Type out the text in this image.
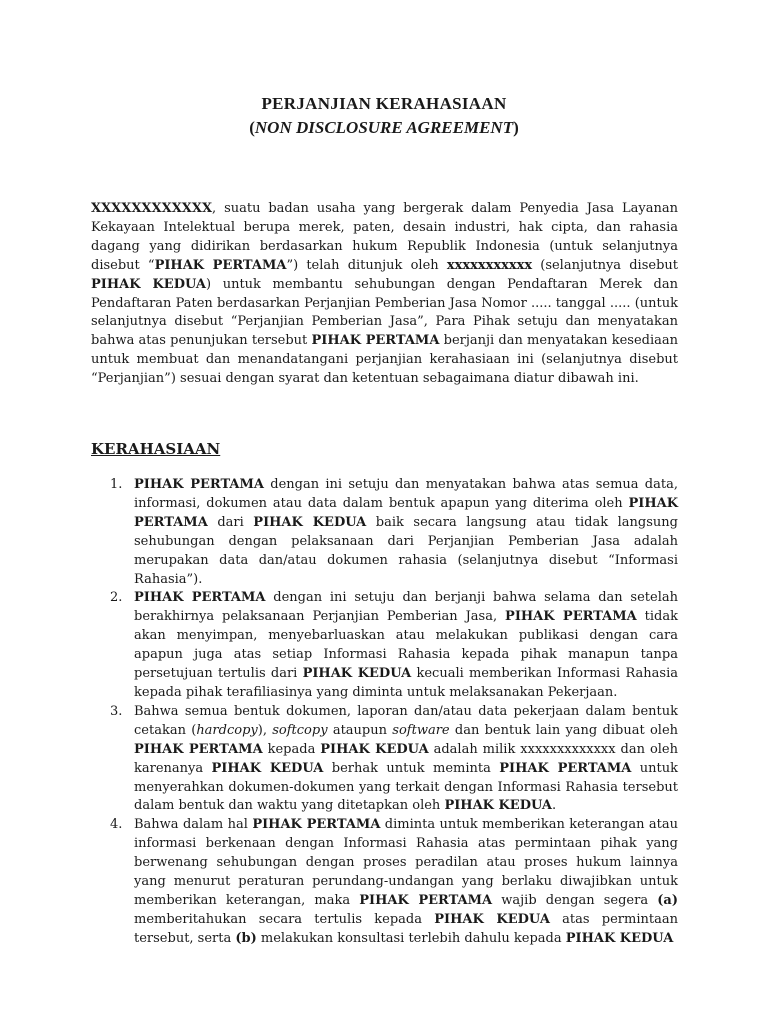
PERJANJIAN KERAHASIAAN

(NON DISCLOSURE AGREEMENT)

XXXXXXXXXXXX, suatu badan usaha yang bergerak dalam Penyedia Jasa Layanan Kekayaan Intelektual berupa merek, paten, desain industri, hak cipta, dan rahasia dagang yang didirikan berdasarkan hukum Republik Indonesia (untuk selanjutnya disebut “PIHAK PERTAMA”) telah ditunjuk oleh xxxxxxxxxxx (selanjutnya disebut PIHAK KEDUA) untuk membantu sehubungan dengan Pendaftaran Merek dan Pendaftaran Paten berdasarkan Perjanjian Pemberian Jasa Nomor ..... tanggal ..... (untuk selanjutnya disebut “Perjanjian Pemberian Jasa”, Para Pihak setuju dan menyatakan bahwa atas penunjukan tersebut PIHAK PERTAMA berjanji dan menyatakan kesediaan untuk membuat dan menandatangani perjanjian kerahasiaan ini (selanjutnya disebut “Perjanjian”) sesuai dengan syarat dan ketentuan sebagaimana diatur dibawah ini.

KERAHASIAAN
1. PIHAK PERTAMA dengan ini setuju dan menyatakan bahwa atas semua data, informasi, dokumen atau data dalam bentuk apapun yang diterima oleh PIHAK PERTAMA dari PIHAK KEDUA baik secara langsung atau tidak langsung sehubungan dengan pelaksanaan dari Perjanjian Pemberian Jasa adalah merupakan data dan/atau dokumen rahasia (selanjutnya disebut “Informasi Rahasia”).
2. PIHAK PERTAMA dengan ini setuju dan berjanji bahwa selama dan setelah berakhirnya pelaksanaan Perjanjian Pemberian Jasa, PIHAK PERTAMA tidak akan menyimpan, menyebarluaskan atau melakukan publikasi dengan cara apapun juga atas setiap Informasi Rahasia kepada pihak manapun tanpa persetujuan tertulis dari PIHAK KEDUA kecuali memberikan Informasi Rahasia kepada pihak terafiliasinya yang diminta untuk melaksanakan Pekerjaan.
3. Bahwa semua bentuk dokumen, laporan dan/atau data pekerjaan dalam bentuk cetakan (hardcopy), softcopy ataupun software dan bentuk lain yang dibuat oleh PIHAK PERTAMA kepada PIHAK KEDUA adalah milik xxxxxxxxxxxxx dan oleh karenanya PIHAK KEDUA berhak untuk meminta PIHAK PERTAMA untuk menyerahkan dokumen-dokumen yang terkait dengan Informasi Rahasia tersebut dalam bentuk dan waktu yang ditetapkan oleh PIHAK KEDUA.
4. Bahwa dalam hal PIHAK PERTAMA diminta untuk memberikan keterangan atau informasi berkenaan dengan Informasi Rahasia atas permintaan pihak yang berwenang sehubungan dengan proses peradilan atau proses hukum lainnya yang menurut peraturan perundang-undangan yang berlaku diwajibkan untuk memberikan keterangan, maka PIHAK PERTAMA wajib dengan segera (a) memberitahukan secara tertulis kepada PIHAK KEDUA atas permintaan tersebut, serta (b) melakukan konsultasi terlebih dahulu kepada PIHAK KEDUA
